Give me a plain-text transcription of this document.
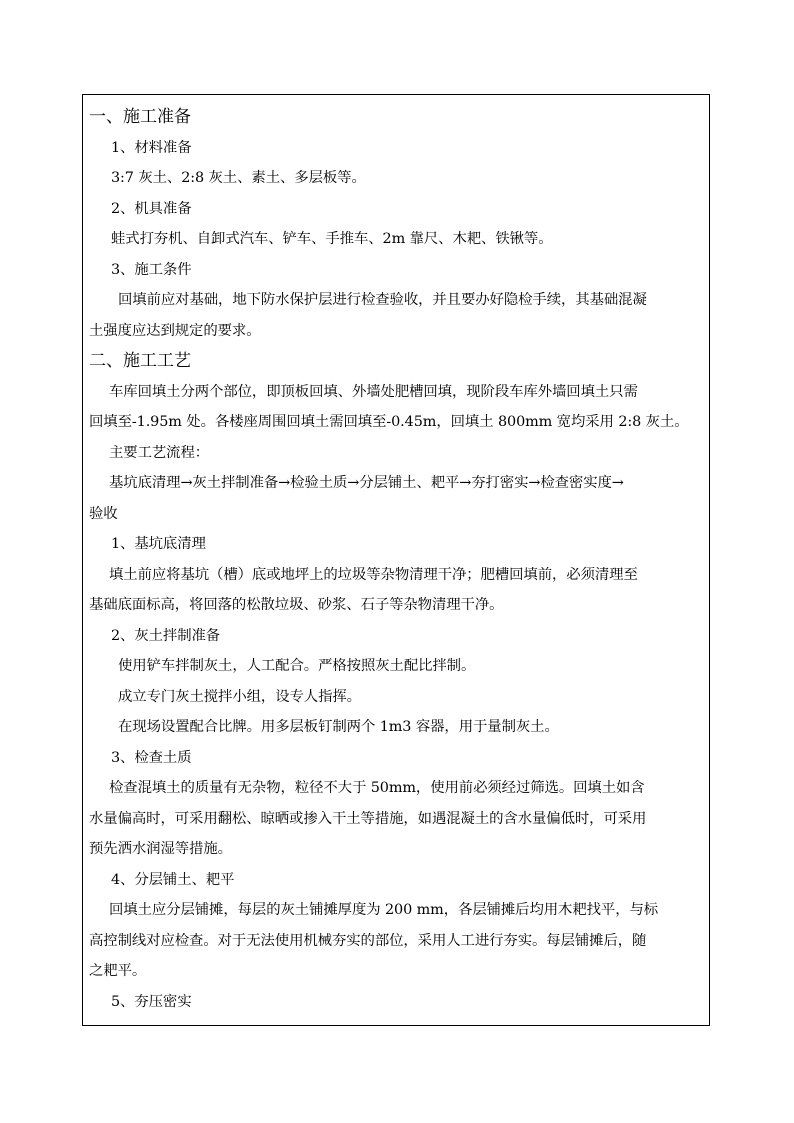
一、施工准备
1、材料准备
3:7 灰土、2:8 灰土、素土、多层板等。
2、机具准备
蛙式打夯机、自卸式汽车、铲车、手推车、2m 靠尺、木耙、铁锹等。
3、施工条件
回填前应对基础，地下防水保护层进行检查验收，并且要办好隐检手续，其基础混凝
土强度应达到规定的要求。
二、施工工艺
车库回填土分两个部位，即顶板回填、外墙处肥槽回填，现阶段车库外墙回填土只需
回填至-1.95m 处。各楼座周围回填土需回填至-0.45m，回填土 800mm 宽均采用 2:8 灰土。
主要工艺流程：
基坑底清理→灰土拌制准备→检验土质→分层铺土、耙平→夯打密实→检查密实度→
验收
1、基坑底清理
填土前应将基坑（槽）底或地坪上的垃圾等杂物清理干净；肥槽回填前，必须清理至
基础底面标高，将回落的松散垃圾、砂浆、石子等杂物清理干净。
2、灰土拌制准备
使用铲车拌制灰土，人工配合。严格按照灰土配比拌制。
成立专门灰土搅拌小组，设专人指挥。
在现场设置配合比牌。用多层板钉制两个 1m3 容器，用于量制灰土。
3、检查土质
检查混填土的质量有无杂物，粒径不大于 50mm，使用前必须经过筛选。回填土如含
水量偏高时，可采用翻松、晾晒或掺入干土等措施，如遇混凝土的含水量偏低时，可采用
预先洒水润湿等措施。
4、分层铺土、耙平
回填土应分层铺摊，每层的灰土铺摊厚度为 200 mm，各层铺摊后均用木耙找平，与标
高控制线对应检查。对于无法使用机械夯实的部位，采用人工进行夯实。每层铺摊后，随
之耙平。
5、夯压密实
